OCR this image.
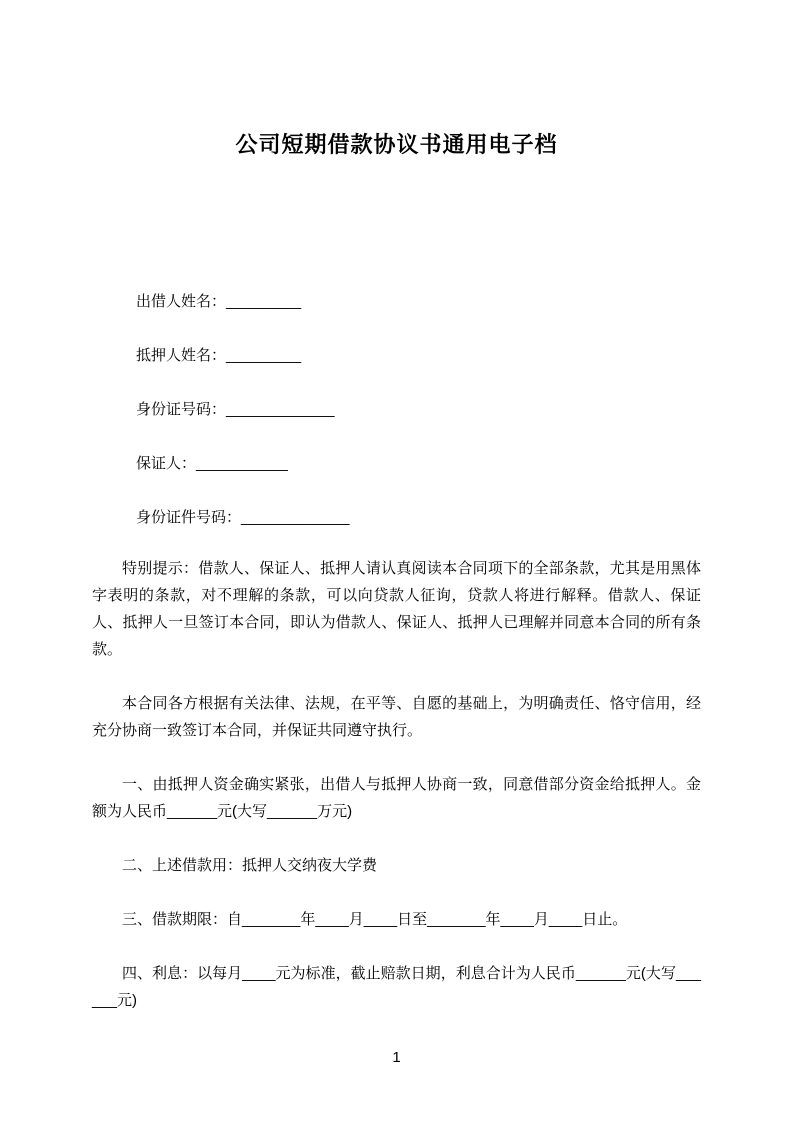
公司短期借款协议书通用电子档
出借人姓名：_________
抵押人姓名：_________
身份证号码：_____________
保证人：___________
身份证件号码：_____________

特别提示：借款人、保证人、抵押人请认真阅读本合同项下的全部条款，尤其是用黑体字表明的条款，对不理解的条款，可以向贷款人征询，贷款人将进行解释。借款人、保证人、抵押人一旦签订本合同，即认为借款人、保证人、抵押人已理解并同意本合同的所有条款。

本合同各方根据有关法律、法规，在平等、自愿的基础上，为明确责任、恪守信用，经充分协商一致签订本合同，并保证共同遵守执行。

一、由抵押人资金确实紧张，出借人与抵押人协商一致，同意借部分资金给抵押人。金额为人民币______元(大写______万元)

二、上述借款用：抵押人交纳夜大学费

三、借款期限：自_______年____月____日至_______年____月____日止。

四、利息：以每月____元为标准，截止赔款日期，利息合计为人民币______元(大写______元)

1
